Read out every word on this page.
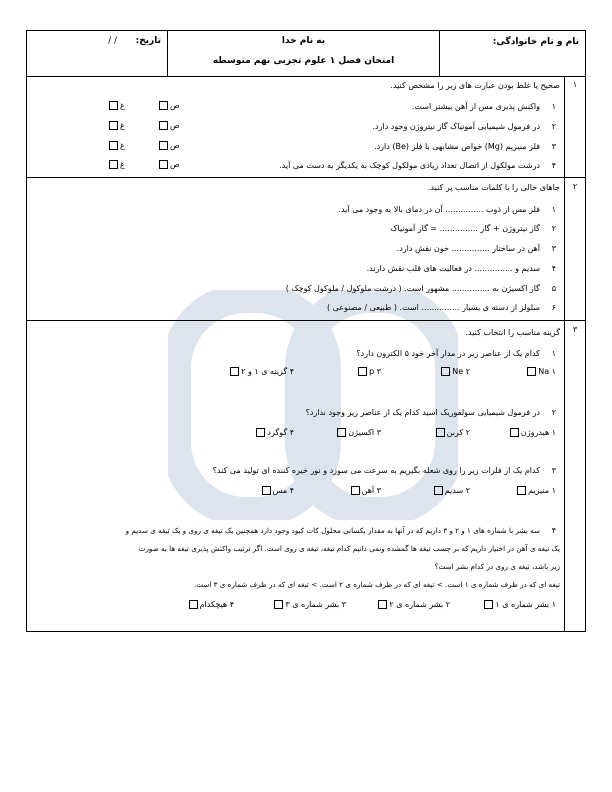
نام و نام خانوادگی:
به نام خدا
امتحان فصل ۱ علوم تجربی نهم متوسطه
تاریخ:
/ /
۱
صحیح یا غلط بودن عبارت های زیر را مشخص کنید.
۱
واکنش پذیری مس از آهن بیشتر است.
ص
غ
۲
در فرمول شیمیایی آمونیاک گاز نیتروژن وجود دارد.
ص
غ
۳
فلز منیزیم (Mg) خواص مشابهی با فلز (Be) دارد.
ص
غ
۴
درشت مولکول از اتصال تعداد زیادی مولکول کوچک به یکدیگر به دست می آید.
ص
غ
۲
جاهای خالی را با کلمات مناسب پر کنید.
۱
فلز مس از ذوب ............... آن در دمای بالا به وجود می آید.
۲
گاز نیتروژن + گاز ............... = گاز آمونیاک
۳
آهن در ساختار ............... خون نقش دارد.
۴
سدیم و ............... در فعالیت های قلب نقش دارند.
۵
گاز اکسیژن به ............... مشهور است. ( درشت ملوکول / ملوکول کوچک )
۶
سلولز از دسته ی بسیار ............... است. ( طبیعی / مصنوعی )
۳
گزینه مناسب را انتخاب کنید.
۱
کدام یک از عناصر زیر در مدار آخر خود ۵ الکترون دارد؟
۱ Na
۲ Ne
۳ p
۴ گزینه ی ۱ و ۲
۲
در فرمول شیمیایی سولفوریک اسید کدام یک از عناصر زیر وجود ندارد؟
۱ هیدروژن
۲ کربن
۳ اکسیژن
۴ گوگرد
۳
کدام یک از فلزات زیر را روی شعله بگیریم به سرعت می سوزد و نور خیره کننده ای تولید می کند؟
۱ منیزیم
۲ سدیم
۳ آهن
۴ مس
۴
سه بشر با شماره های ۱ و ۲ و ۳ داریم که در آنها به مقدار یکسانی محلول کات کبود وجود دارد همچنین یک تیغه ی روی و یک تیغه ی سدیم و
یک تیغه ی آهن در اختیار داریم که بر چسب تیغه ها گمشده ونمی دانیم کدام تیغه، تیغه ی روی است. اگر ترتیب واکنش پذیری تیغه ها به صورت
زیر باشد، تیغه ی روی در کدام بشر است؟
تیغه ای که در ظرف شماره ی ۱ است. > تیغه ای که در ظرف شماره ی ۲ است. > تیغه ای که در ظرف شماره ی ۳ است.
۱ بشر شماره ی ۱
۲ بشر شماره ی ۲
۳ بشر شماره ی ۳
۴ هیچکدام
